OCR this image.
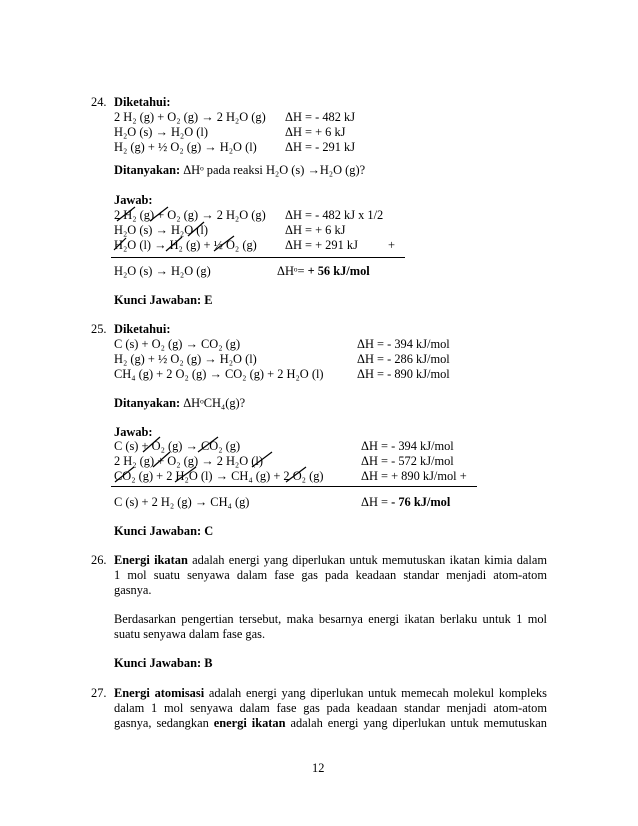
24. Diketahui:
2 H₂ (g) + O₂ (g) → 2 H₂O (g) ΔH = - 482 kJ
H₂O (s) → H₂O (l)	ΔH = + 6 kJ
H₂ (g) + ½ O₂ (g) → H₂O (l) ΔH = - 291 kJ
Ditanyakan: ΔHᵒ pada reaksi H₂O (s) →H₂O (g)?
Jawab:
2 H₂ (g) + O₂ (g) → 2 H₂O (g) ΔH = - 482 kJ x 1/2
H₂O (s) → H₂O (l)	ΔH = + 6 kJ
H₂O (l) → H₂ (g) + ½ O₂ (g) ΔH = + 291 kJ +
H₂O (s) → H₂O (g)	ΔHᵒ= + 56 kJ/mol
Kunci Jawaban: E
25. Diketahui:
C (s) + O₂ (g) → CO₂ (g)	ΔH = - 394 kJ/mol
H₂ (g) + ½ O₂ (g) → H₂O (l)	ΔH = - 286 kJ/mol
CH₄ (g) + 2 O₂ (g) → CO₂ (g) + 2 H₂O (l)	ΔH = - 890 kJ/mol
Ditanyakan: ΔHᵒCH₄(g)?
Jawab:
C (s) + O₂ (g) → CO₂ (g)	ΔH = - 394 kJ/mol
2 H₂ (g) + O₂ (g) → 2 H₂O (l)	ΔH = - 572 kJ/mol
CO₂ (g) + 2 H₂O (l) → CH₄ (g) + 2 O₂ (g)	ΔH = + 890 kJ/mol +
C (s) + 2 H₂ (g) → CH₄ (g)	ΔH = - 76 kJ/mol
Kunci Jawaban: C
26. Energi ikatan adalah energi yang diperlukan untuk memutuskan ikatan kimia dalam
1 mol suatu senyawa dalam fase gas pada keadaan standar menjadi atom-atom
gasnya.
Berdasarkan pengertian tersebut, maka besarnya energi ikatan berlaku untuk 1 mol
suatu senyawa dalam fase gas.
Kunci Jawaban: B
27. Energi atomisasi adalah energi yang diperlukan untuk memecah molekul kompleks
dalam 1 mol senyawa dalam fase gas pada keadaan standar menjadi atom-atom
gasnya, sedangkan energi ikatan adalah energi yang diperlukan untuk memutuskan
12
